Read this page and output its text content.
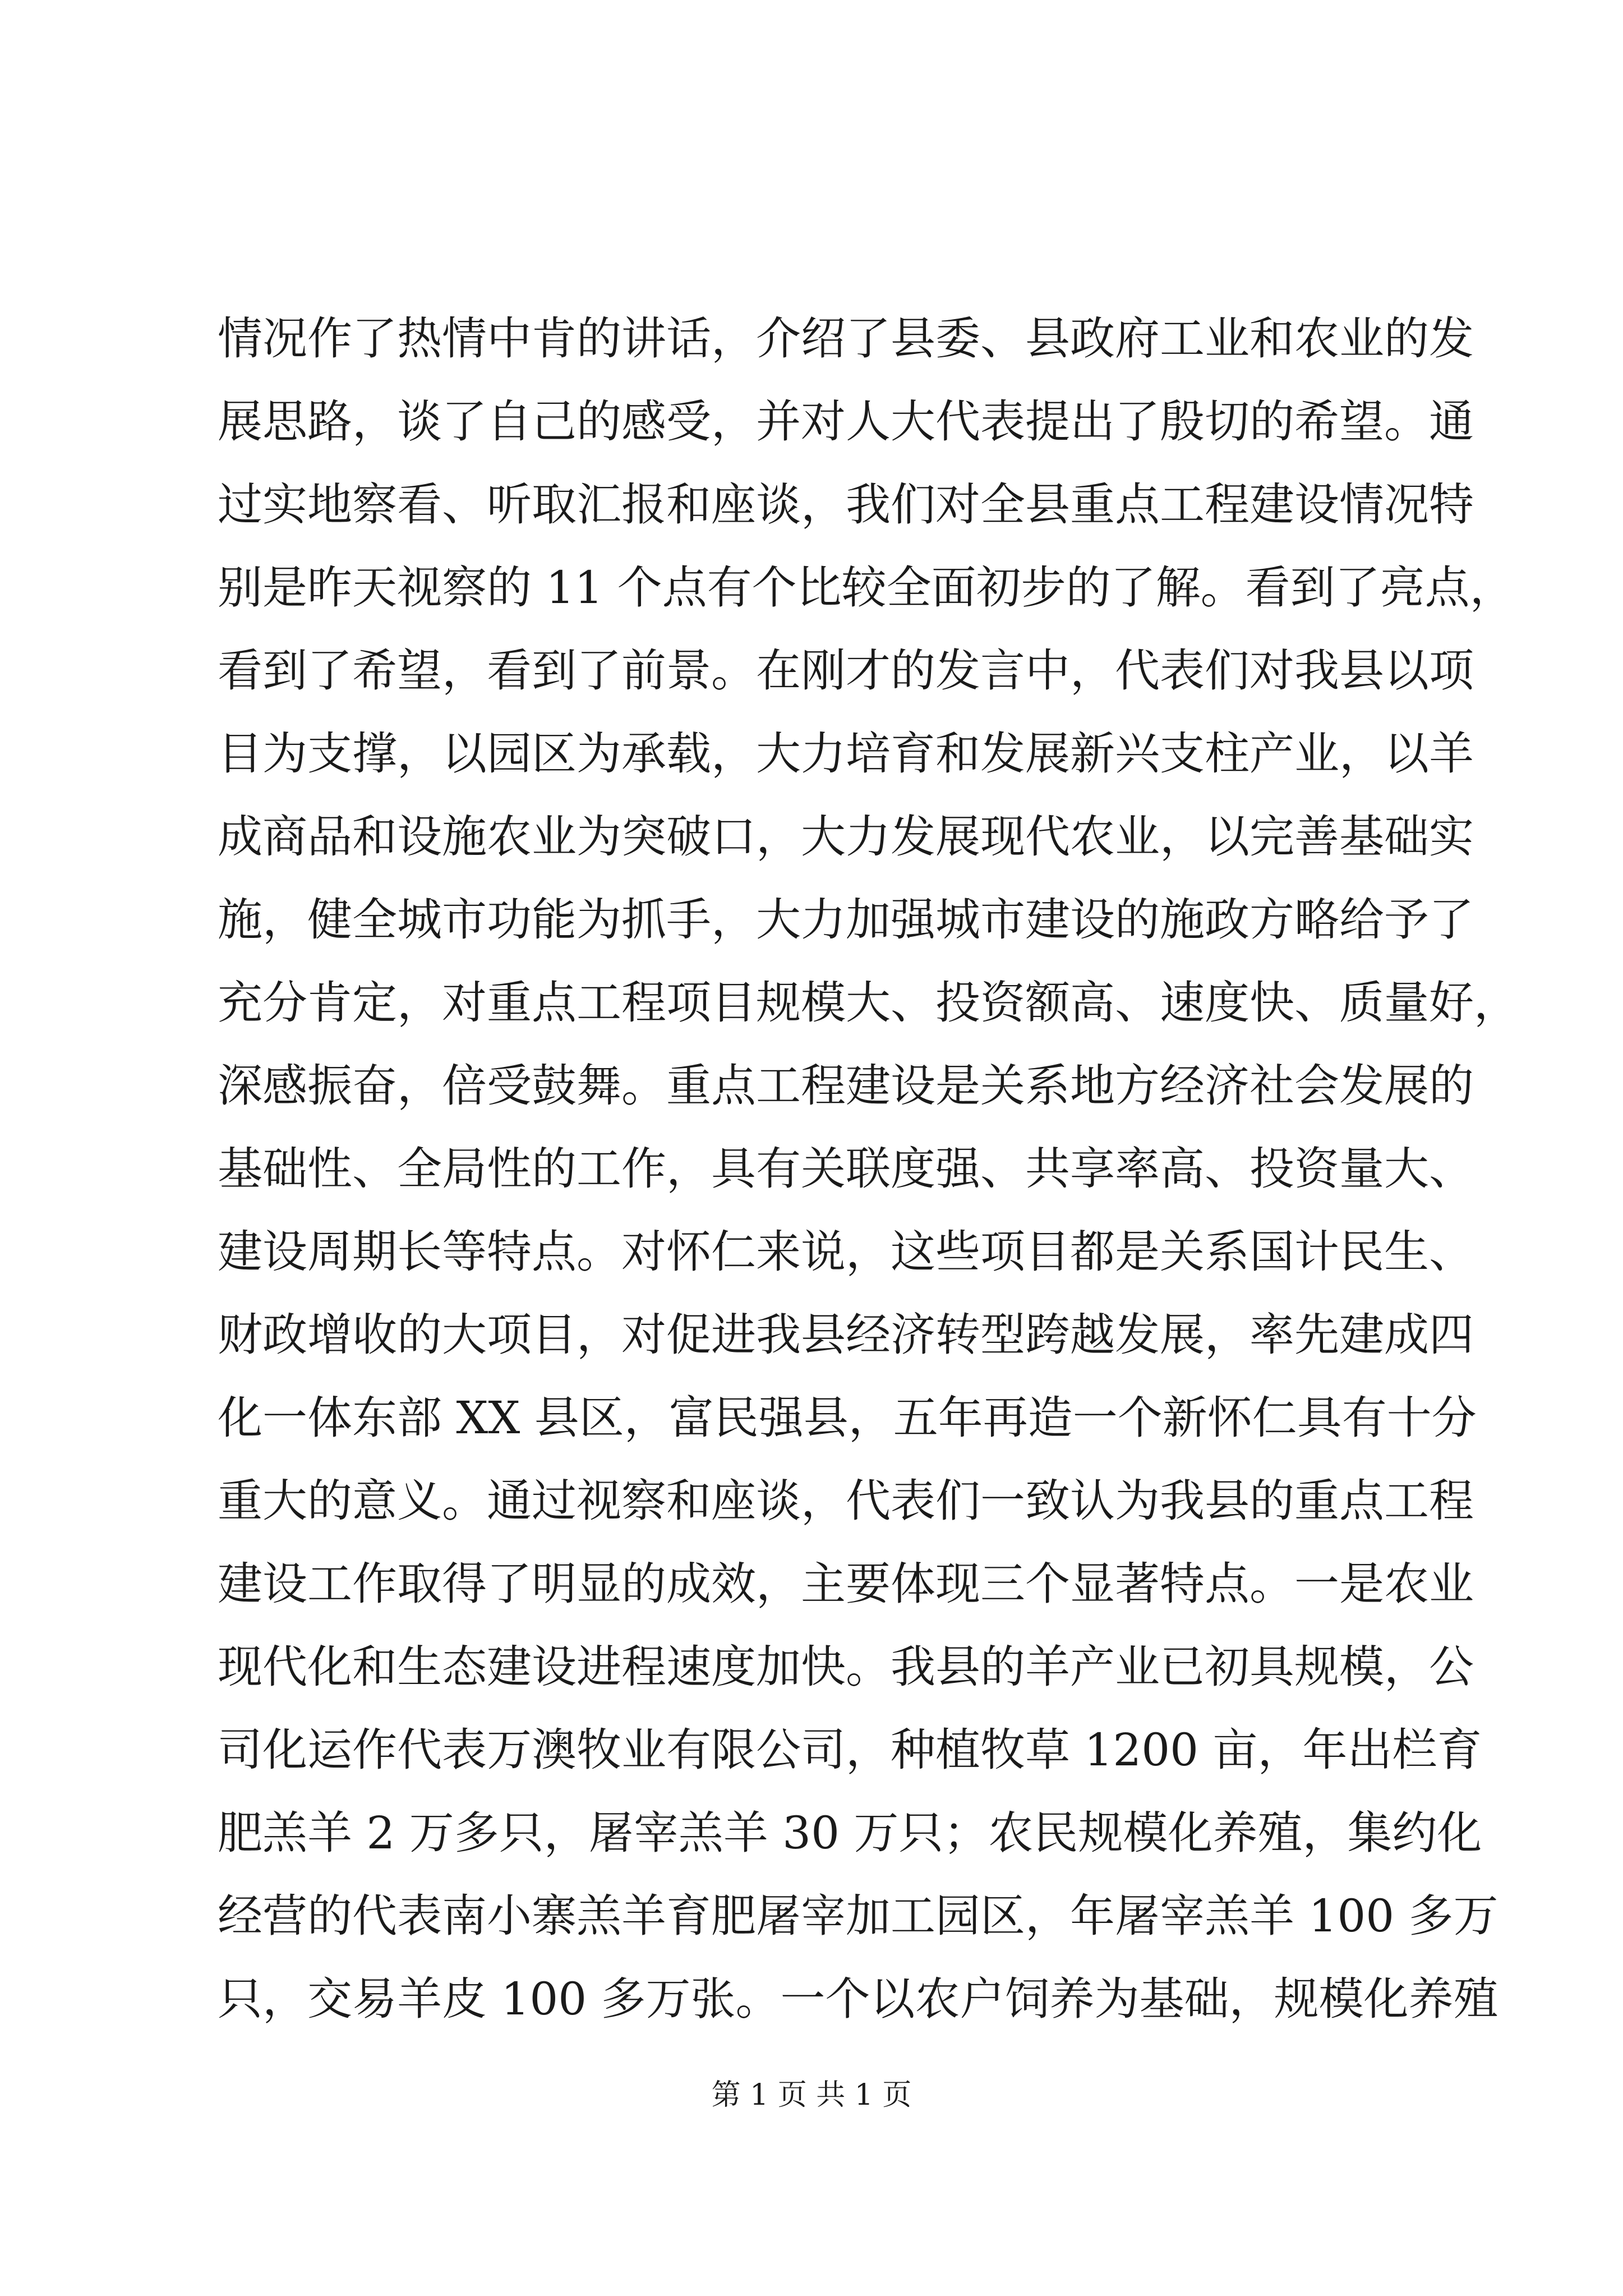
情况作了热情中肯的讲话，介绍了县委、县政府工业和农业的发
展思路，谈了自己的感受，并对人大代表提出了殷切的希望。通
过实地察看、听取汇报和座谈，我们对全县重点工程建设情况特
别是昨天视察的 11 个点有个比较全面初步的了解。看到了亮点，
看到了希望，看到了前景。在刚才的发言中，代表们对我县以项
目为支撑，以园区为承载，大力培育和发展新兴支柱产业，以羊
成商品和设施农业为突破口，大力发展现代农业，以完善基础实
施，健全城市功能为抓手，大力加强城市建设的施政方略给予了
充分肯定，对重点工程项目规模大、投资额高、速度快、质量好，
深感振奋，倍受鼓舞。重点工程建设是关系地方经济社会发展的
基础性、全局性的工作，具有关联度强、共享率高、投资量大、
建设周期长等特点。对怀仁来说，这些项目都是关系国计民生、
财政增收的大项目，对促进我县经济转型跨越发展，率先建成四
化一体东部 XX 县区，富民强县，五年再造一个新怀仁具有十分
重大的意义。通过视察和座谈，代表们一致认为我县的重点工程
建设工作取得了明显的成效，主要体现三个显著特点。一是农业
现代化和生态建设进程速度加快。我县的羊产业已初具规模，公
司化运作代表万澳牧业有限公司，种植牧草 1200 亩，年出栏育
肥羔羊 2 万多只，屠宰羔羊 30 万只；农民规模化养殖，集约化
经营的代表南小寨羔羊育肥屠宰加工园区，年屠宰羔羊 100 多万
只，交易羊皮 100 多万张。一个以农户饲养为基础，规模化养殖
第 1 页 共 1 页
